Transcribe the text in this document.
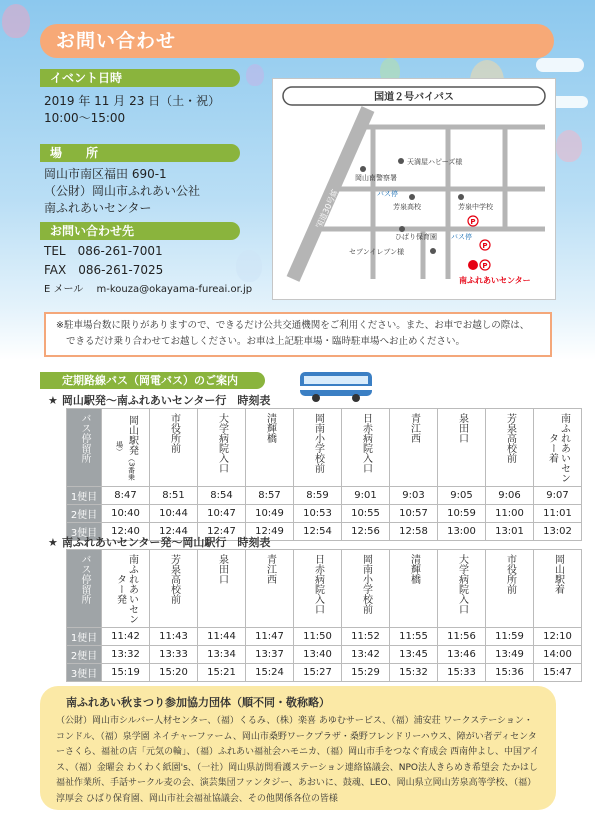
お問い合わせ
イベント日時
2019 年 11 月 23 日（土・祝）
10:00～15:00
場　　所
岡山市南区福田 690-1
（公財）岡山市ふれあい公社
南ふれあいセンター
お問い合わせ先
TEL　086-261-7001
FAX　086-261-7025
E メール m-kouza@okayama-fureai.or.jp
国道２号バイパス
国道30号線
天満屋ハピーズ様
岡山南警察署
芳泉高校	芳泉中学校
バス停
ひばり保育園 バス停
セブンイレブン様
P
P
P
南ふれあいセンター
※駐車場台数に限りがありますので、できるだけ公共交通機関をご利用ください。また、お車でお越しの際は、
できるだけ乗り合わせてお越しください。お車は上記駐車場・臨時駐車場へお止めください。
定期路線バス（岡電バス）のご案内
★ 岡山駅発～南ふれあいセンター行　時刻表
バス停留所	岡山駅発（3番乗場）	市役所前	大学病院入口	清輝橋	岡南小学校前	日赤病院入口	青江西	泉田口	芳泉高校前	南ふれあいセンター着
1便目	8:47	8:51	8:54	8:57	8:59	9:01	9:03	9:05	9:06	9:07
2便目	10:40	10:44	10:47	10:49	10:53	10:55	10:57	10:59	11:00	11:01
3便目	12:40	12:44	12:47	12:49	12:54	12:56	12:58	13:00	13:01	13:02
★ 南ふれあいセンター発～岡山駅行　時刻表
バス停留所	南ふれあいセンター発	芳泉高校前	泉田口	青江西	日赤病院入口	岡南小学校前	清輝橋	大学病院入口	市役所前	岡山駅着
1便目	11:42	11:43	11:44	11:47	11:50	11:52	11:55	11:56	11:59	12:10
2便目	13:32	13:33	13:34	13:37	13:40	13:42	13:45	13:46	13:49	14:00
3便目	15:19	15:20	15:21	15:24	15:27	15:29	15:32	15:33	15:36	15:47
南ふれあい秋まつり参加協力団体（順不同・敬称略）
（公財）岡山市シルバー人材センター、（福）くるみ、（株）楽喜 あゆむサービス、（福）浦安荘 ワークステーション・コンドル、（福）泉学園 ネイチャーファーム、岡山市桑野ワークプラザ・桑野フレンドリーハウス、障がい者ディセンターさくら、福祉の店「元気の輪」、（福）ふれあい福祉会ハモニカ、（福）岡山市手をつなぐ育成会 西南仲よし、中国アイス、（福）金曜会 わくわく紙園's、（一社）岡山県訪問看護ステーション連絡協議会、NPO法人きらめき希望会 たかはし福祉作業所、手話サークル麦の会、演芸集団ファンタジー、あおいに、鼓魂、LEO、岡山県立岡山芳泉高等学校、（福）淳厚会 ひばり保育園、岡山市社会福祉協議会、その他関係各位の皆様
